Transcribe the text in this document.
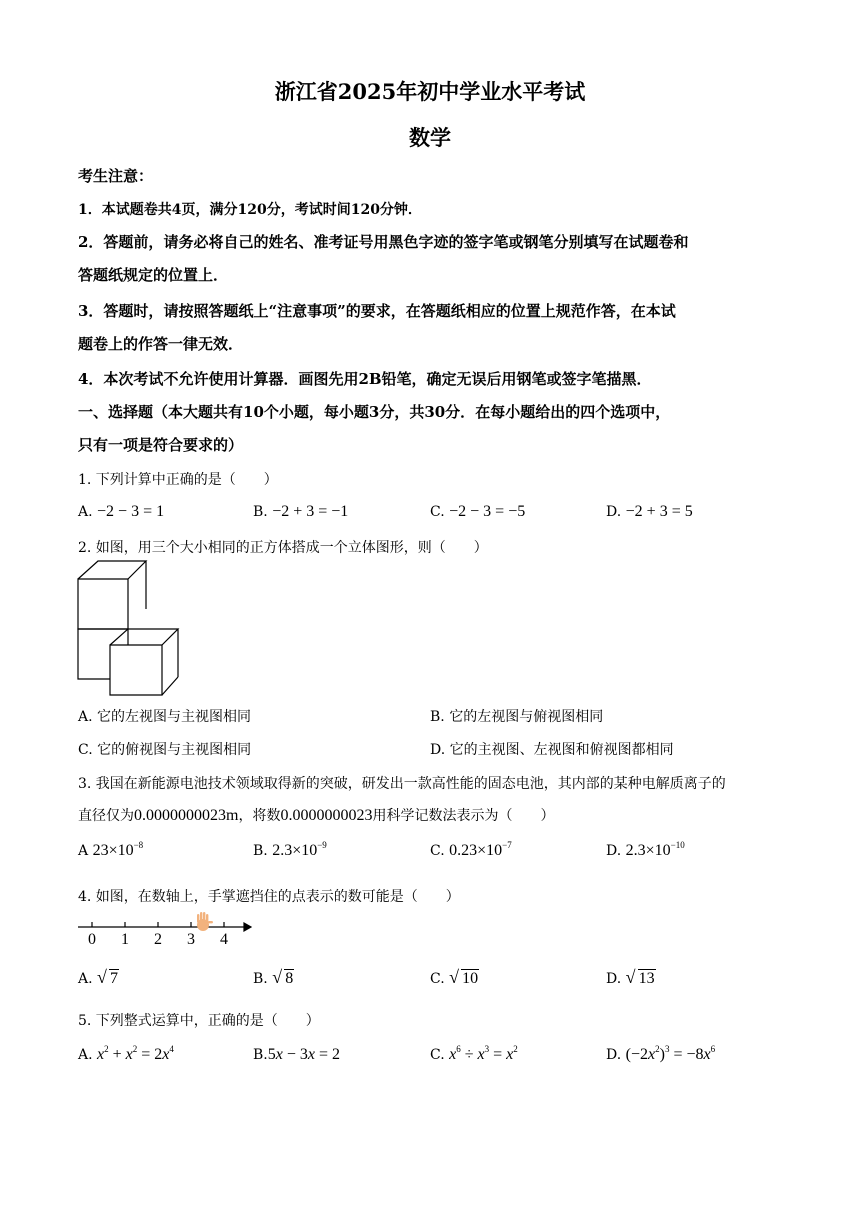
浙江省2025年初中学业水平考试
数学
考生注意：
1．本试题卷共4页，满分120分，考试时间120分钟．
2．答题前，请务必将自己的姓名、准考证号用黑色字迹的签字笔或钢笔分别填写在试题卷和
答题纸规定的位置上．
3．答题时，请按照答题纸上“注意事项”的要求，在答题纸相应的位置上规范作答，在本试
题卷上的作答一律无效．
4．本次考试不允许使用计算器．画图先用2B铅笔，确定无误后用钢笔或签字笔描黑．
一、选择题（本大题共有10个小题，每小题3分，共30分．在每小题给出的四个选项中，
只有一项是符合要求的）
1. 下列计算中正确的是（　　）
A. −2 − 3 = 1	B. −2 + 3 = −1	C. −2 − 3 = −5	D. −2 + 3 = 5
2. 如图，用三个大小相同的正方体搭成一个立体图形，则（　　）
A. 它的左视图与主视图相同	B. 它的左视图与俯视图相同
C. 它的俯视图与主视图相同	D. 它的主视图、左视图和俯视图都相同
3. 我国在新能源电池技术领域取得新的突破，研发出一款高性能的固态电池，其内部的某种电解质离子的
直径仅为0.0000000023m，将数0.0000000023用科学记数法表示为（　　）
A $23\times 10^{-8}$	B. $2.3\times 10^{-9}$	C. $0.23\times 10^{-7}$	D. $2.3\times 10^{-10}$
4. 如图，在数轴上，手掌遮挡住的点表示的数可能是（　　）
0 1 2 3 4
A. √ 7	B. √ 8	C. √ 10	D. √ 13
5. 下列整式运算中，正确的是（　　）
A. $x^2 + x^2 = 2x^4$	B.5x − 3x = 2	C. $x^6 \div x^3 = x^2$	D. $(-2x^2)^3 = -8x^6$
